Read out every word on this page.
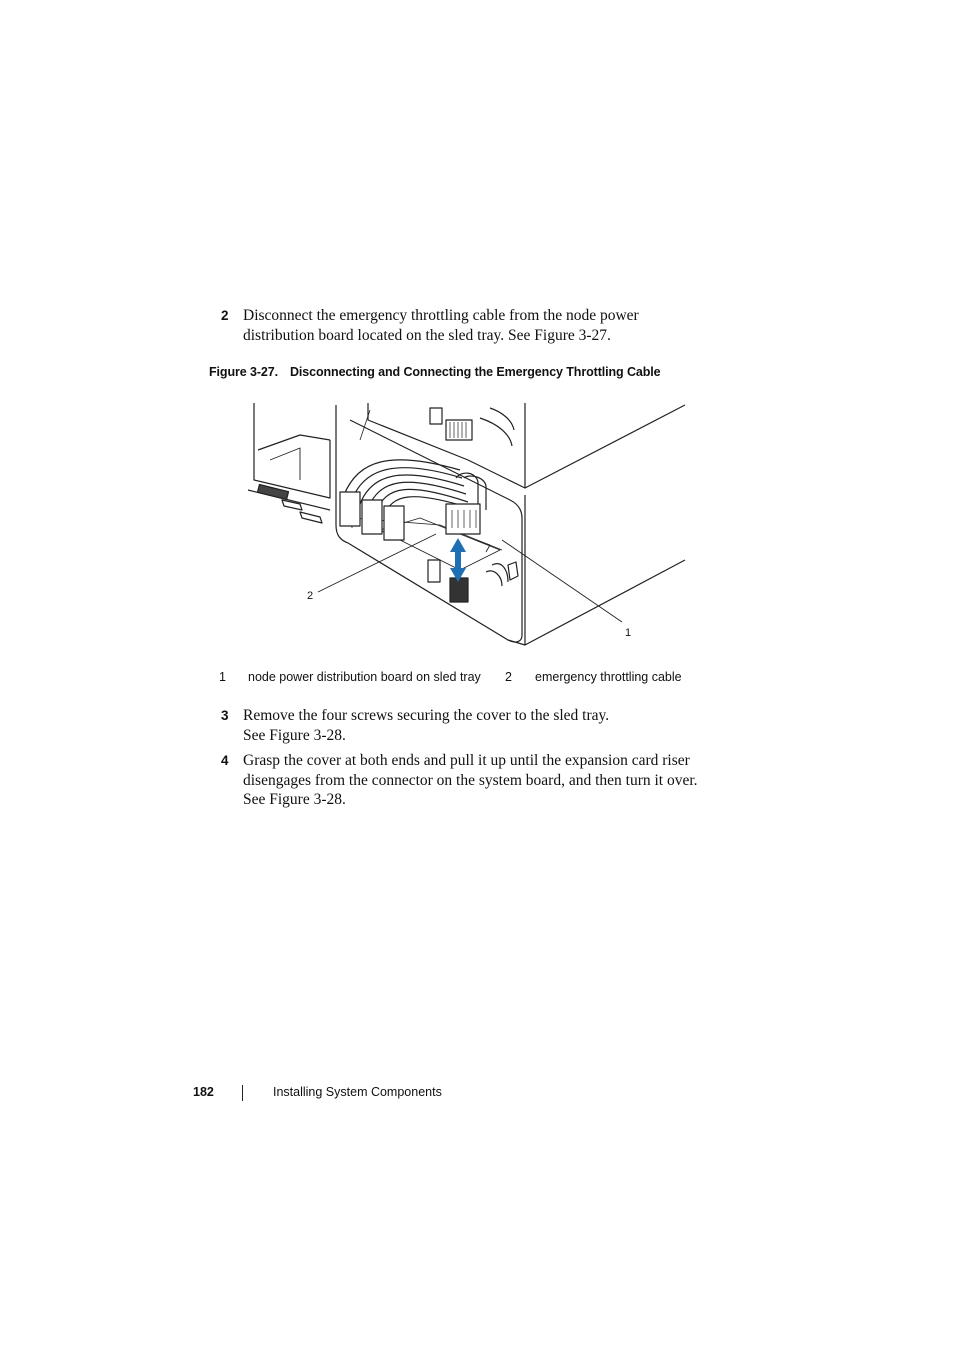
2 Disconnect the emergency throttling cable from the node power
distribution board located on the sled tray. See Figure 3-27.
Figure 3-27. Disconnecting and Connecting the Emergency Throttling Cable
2
1
1 node power distribution board on sled tray 2 emergency throttling cable
3 Remove the four screws securing the cover to the sled tray.
See Figure 3-28.
4 Grasp the cover at both ends and pull it up until the expansion card riser
disengages from the connector on the system board, and then turn it over.
See Figure 3-28.
182	Installing System Components
